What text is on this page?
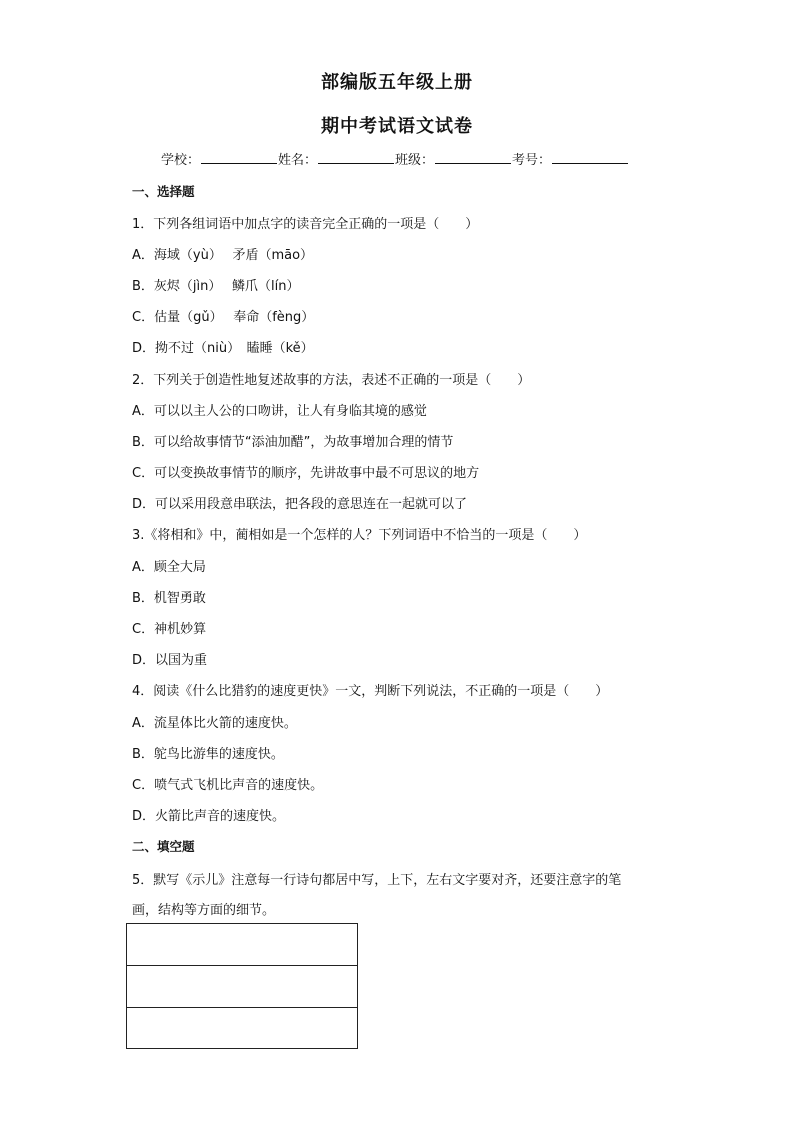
部编版五年级上册
期中考试语文试卷
学校：	姓名：	班级：	考号：
一、选择题
1．下列各组词语中加点字的读音完全正确的一项是（　　）
A．海域（yù）　 矛盾（māo）
B．灰烬（jìn）　 鳞爪（lín）
C．估量（gǔ）　 奉命（fèng）
D．拗不过（niù）　瞌睡（kě）
2．下列关于创造性地复述故事的方法，表述不正确的一项是（　　）
A．可以以主人公的口吻讲，让人有身临其境的感觉
B．可以给故事情节“添油加醋”，为故事增加合理的情节
C．可以变换故事情节的顺序，先讲故事中最不可思议的地方
D．可以采用段意串联法，把各段的意思连在一起就可以了
3.《将相和》中，蔺相如是一个怎样的人？下列词语中不恰当的一项是（　　）
A．顾全大局
B．机智勇敢
C．神机妙算
D．以国为重
4．阅读《什么比猎豹的速度更快》一文，判断下列说法，不正确的一项是（　　）
A．流星体比火箭的速度快。
B．鸵鸟比游隼的速度快。
C．喷气式飞机比声音的速度快。
D．火箭比声音的速度快。
二、填空题
5．默写《示儿》注意每一行诗句都居中写，上下，左右文字要对齐，还要注意字的笔
画，结构等方面的细节。
